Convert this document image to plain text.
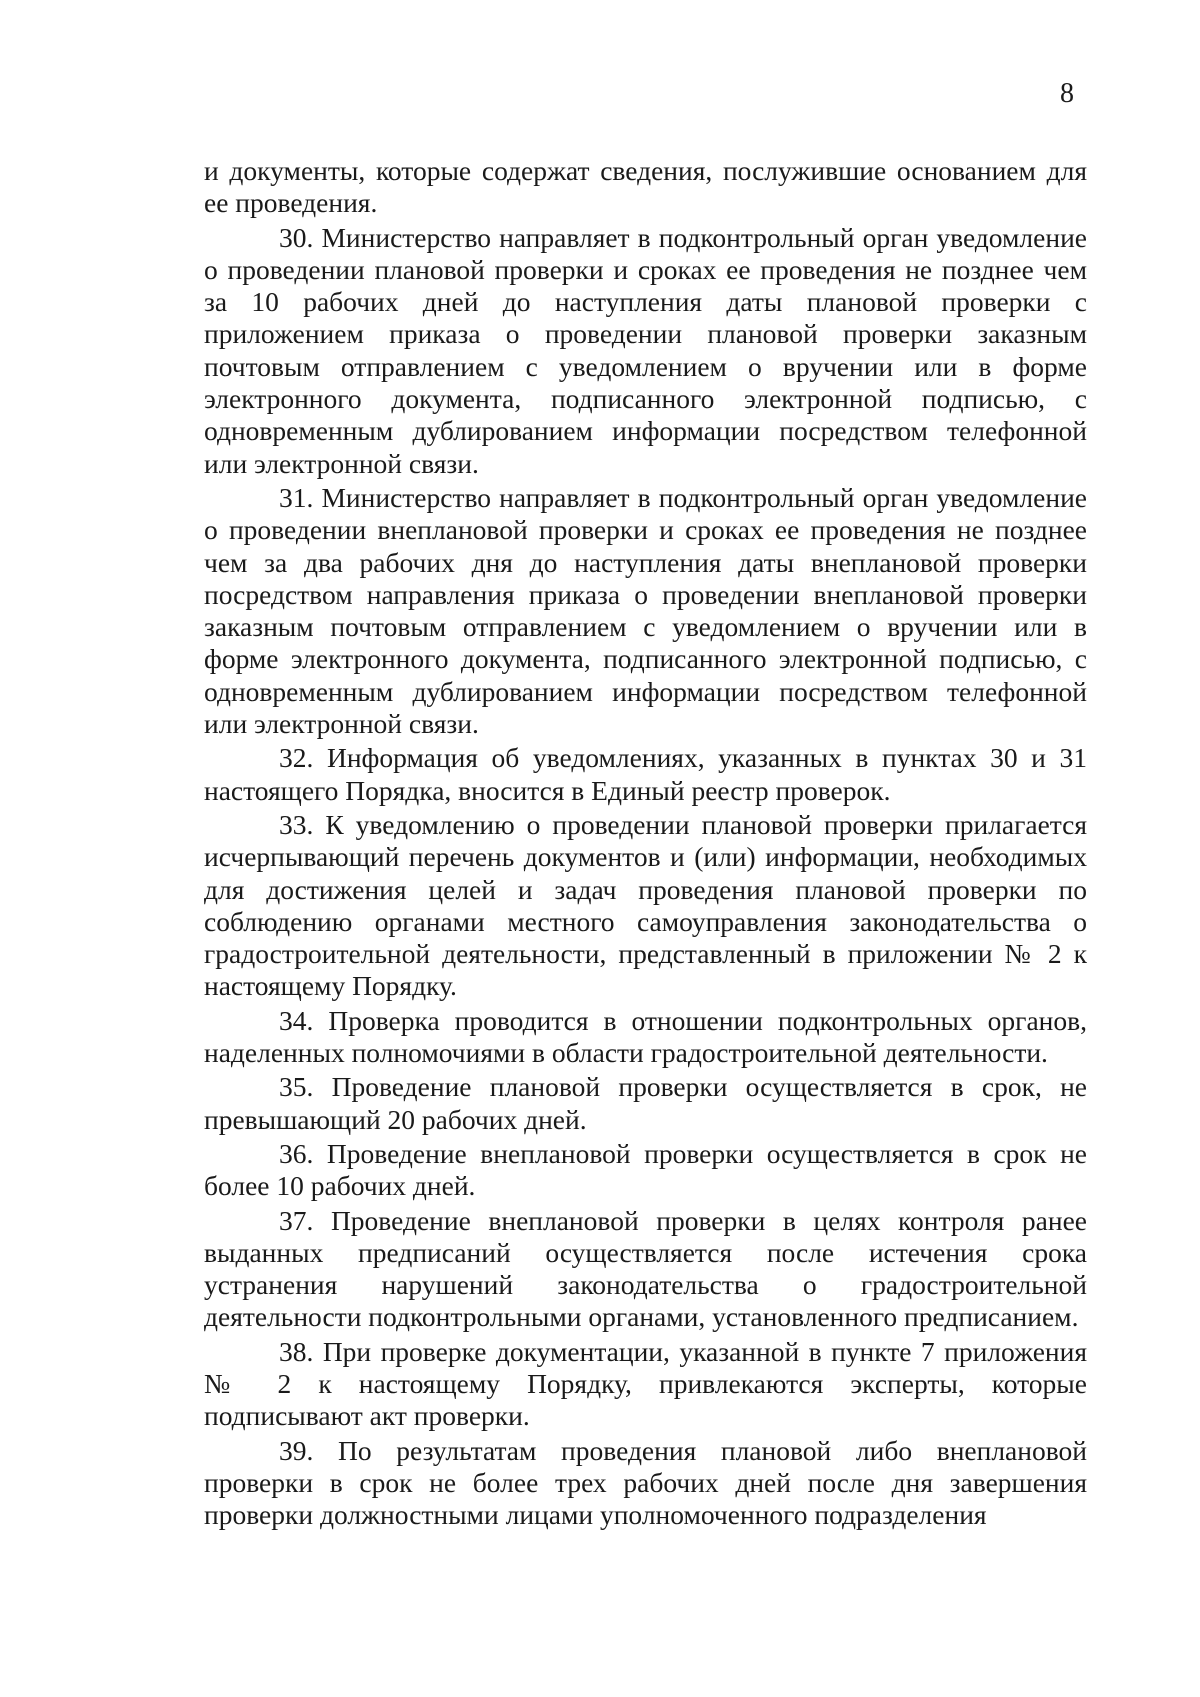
8

и документы, которые содержат сведения, послужившие основанием для ее проведения.

30. Министерство направляет в подконтрольный орган уведомление о проведении плановой проверки и сроках ее проведения не позднее чем за 10 рабочих дней до наступления даты плановой проверки с приложением приказа о проведении плановой проверки заказным почтовым отправлением с уведомлением о вручении или в форме электронного документа, подписанного электронной подписью, с одновременным дублированием информации посредством телефонной или электронной связи.

31. Министерство направляет в подконтрольный орган уведомление о проведении внеплановой проверки и сроках ее проведения не позднее чем за два рабочих дня до наступления даты внеплановой проверки посредством направления приказа о проведении внеплановой проверки заказным почтовым отправлением с уведомлением о вручении или в форме электронного документа, подписанного электронной подписью, с одновременным дублированием информации посредством телефонной или электронной связи.

32. Информация об уведомлениях, указанных в пунктах 30 и 31 настоящего Порядка, вносится в Единый реестр проверок.

33. К уведомлению о проведении плановой проверки прилагается исчерпывающий перечень документов и (или) информации, необходимых для достижения целей и задач проведения плановой проверки по соблюдению органами местного самоуправления законодательства о градостроительной деятельности, представленный в приложении № 2 к настоящему Порядку.

34. Проверка проводится в отношении подконтрольных органов, наделенных полномочиями в области градостроительной деятельности.

35. Проведение плановой проверки осуществляется в срок, не превышающий 20 рабочих дней.

36. Проведение внеплановой проверки осуществляется в срок не более 10 рабочих дней.

37. Проведение внеплановой проверки в целях контроля ранее выданных предписаний осуществляется после истечения срока устранения нарушений законодательства о градостроительной деятельности подконтрольными органами, установленного предписанием.

38. При проверке документации, указанной в пункте 7 приложения № 2 к настоящему Порядку, привлекаются эксперты, которые подписывают акт проверки.

39. По результатам проведения плановой либо внеплановой проверки в срок не более трех рабочих дней после дня завершения проверки должностными лицами уполномоченного подразделения
